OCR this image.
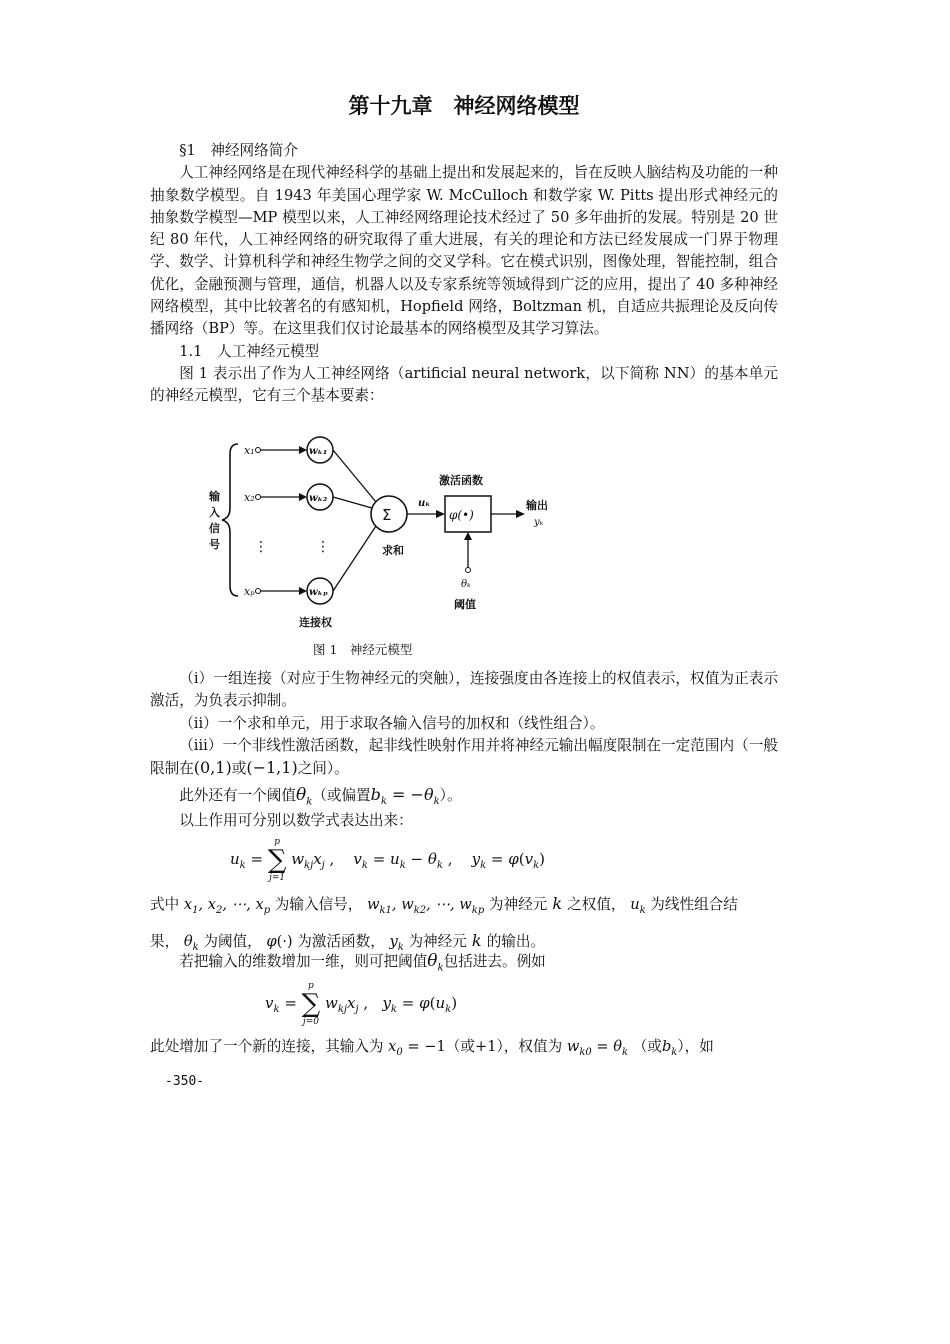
第十九章　神经网络模型

§1　神经网络简介

人工神经网络是在现代神经科学的基础上提出和发展起来的，旨在反映人脑结构及功能的一种抽象数学模型。自 1943 年美国心理学家 W. McCulloch 和数学家 W. Pitts 提出形式神经元的抽象数学模型—MP 模型以来，人工神经网络理论技术经过了 50 多年曲折的发展。特别是 20 世纪 80 年代，人工神经网络的研究取得了重大进展，有关的理论和方法已经发展成一门界于物理学、数学、计算机科学和神经生物学之间的交叉学科。它在模式识别，图像处理，智能控制，组合优化，金融预测与管理，通信，机器人以及专家系统等领域得到广泛的应用，提出了 40 多种神经网络模型，其中比较著名的有感知机，Hopfield 网络，Boltzman 机，自适应共振理论及反向传播网络（BP）等。在这里我们仅讨论最基本的网络模型及其学习算法。

1.1　人工神经元模型

图 1 表示出了作为人工神经网络（artificial neural network，以下简称 NN）的基本单元的神经元模型，它有三个基本要素：

输
入
信
号
x₁
x₂
⋮
xₚ
wₖ₁
wₖ₂
⋮
wₖₚ
连接权
Σ
求和
uₖ
激活函数
φ(•)
输出
yₖ
θₖ
阈值

图 1　神经元模型

（i）一组连接（对应于生物神经元的突触），连接强度由各连接上的权值表示，权值为正表示激活，为负表示抑制。

（ii）一个求和单元，用于求取各输入信号的加权和（线性组合）。

（iii）一个非线性激活函数，起非线性映射作用并将神经元输出幅度限制在一定范围内（一般限制在(0,1)或(−1,1)之间）。

此外还有一个阈值$\theta_k$（或偏置$b_k = -\theta_k$）。

以上作用可分别以数学式表达出来：

$u_k$ =
p
∑
j=1
$w_{kj}x_j$ ,    $v_k = u_k - \theta_k$ ,    $y_k = \varphi(v_k)$
式中 $x_1$, $x_2$, ⋯, $x_p$ 为输入信号， $w_{k1}$, $w_{k2}$, ⋯, $w_{kp}$ 为神经元 k 之权值， $u_k$ 为线性组合结
果， $\theta_k$ 为阈值， φ(·) 为激活函数， $y_k$ 为神经元 k 的输出。

若把输入的维数增加一维，则可把阈值$\theta_k$包括进去。例如

$v_k$ =
p
∑
j=0
$w_{kj}x_j$ ,   $y_k = \varphi(u_k)$
此处增加了一个新的连接，其输入为 $x_0 = -1$（或+1），权值为 $w_{k0} = \theta_k$ （或$b_k$），如
-350-
